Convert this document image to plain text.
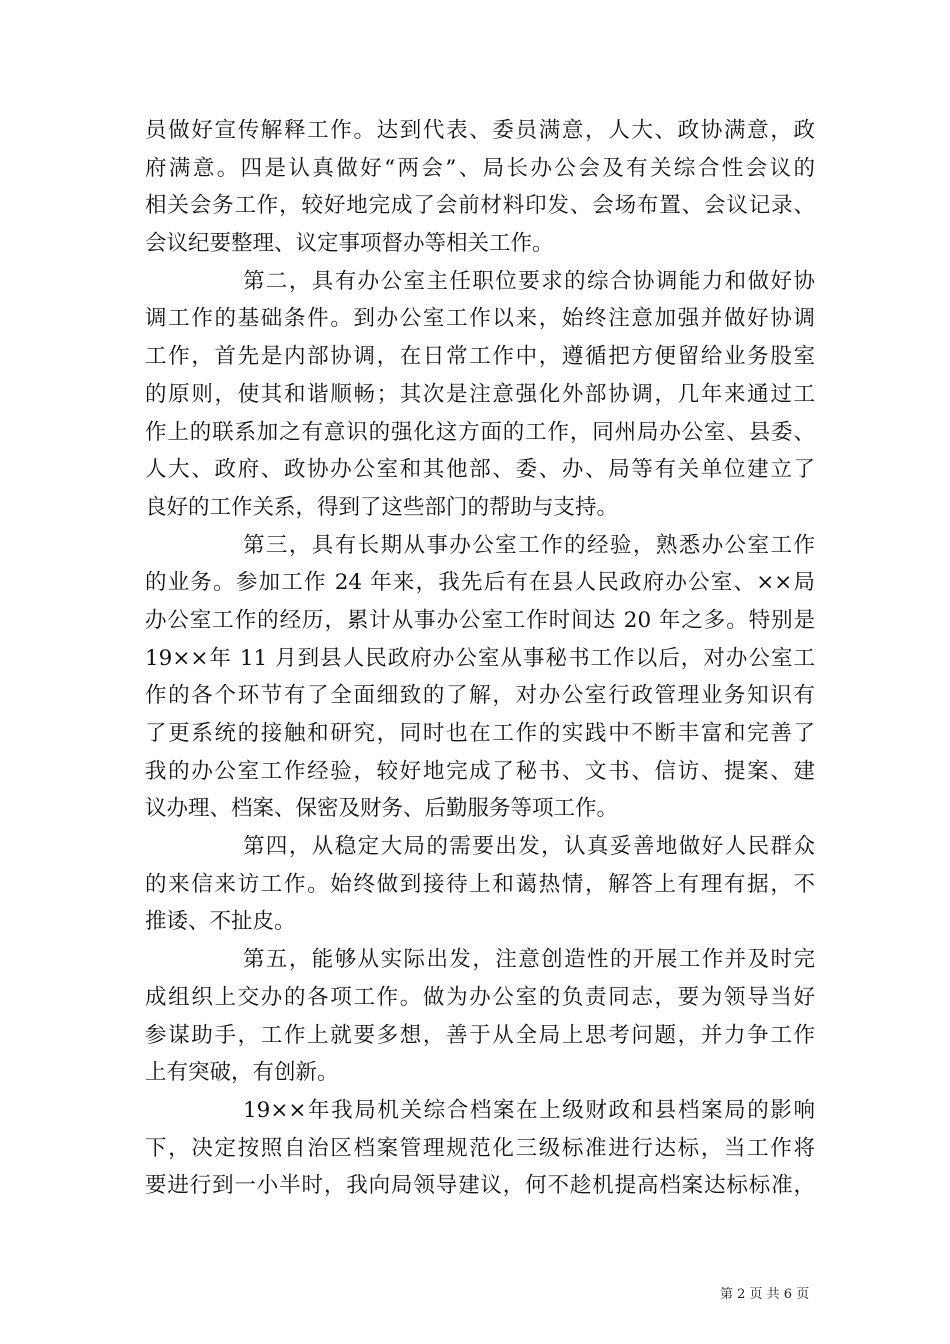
员做好宣传解释工作。达到代表、委员满意，人大、政协满意，政
府满意。四是认真做好“两会”、局长办公会及有关综合性会议的
相关会务工作，较好地完成了会前材料印发、会场布置、会议记录、
会议纪要整理、议定事项督办等相关工作。
第二，具有办公室主任职位要求的综合协调能力和做好协
调工作的基础条件。到办公室工作以来，始终注意加强并做好协调
工作，首先是内部协调，在日常工作中，遵循把方便留给业务股室
的原则，使其和谐顺畅；其次是注意强化外部协调，几年来通过工
作上的联系加之有意识的强化这方面的工作，同州局办公室、县委、
人大、政府、政协办公室和其他部、委、办、局等有关单位建立了
良好的工作关系，得到了这些部门的帮助与支持。
第三，具有长期从事办公室工作的经验，熟悉办公室工作
的业务。参加工作 24 年来，我先后有在县人民政府办公室、××局
办公室工作的经历，累计从事办公室工作时间达 20 年之多。特别是
19××年 11 月到县人民政府办公室从事秘书工作以后，对办公室工
作的各个环节有了全面细致的了解，对办公室行政管理业务知识有
了更系统的接触和研究，同时也在工作的实践中不断丰富和完善了
我的办公室工作经验，较好地完成了秘书、文书、信访、提案、建
议办理、档案、保密及财务、后勤服务等项工作。
第四，从稳定大局的需要出发，认真妥善地做好人民群众
的来信来访工作。始终做到接待上和蔼热情，解答上有理有据，不
推诿、不扯皮。
第五，能够从实际出发，注意创造性的开展工作并及时完
成组织上交办的各项工作。做为办公室的负责同志，要为领导当好
参谋助手，工作上就要多想，善于从全局上思考问题，并力争工作
上有突破，有创新。
19××年我局机关综合档案在上级财政和县档案局的影响
下，决定按照自治区档案管理规范化三级标准进行达标，当工作将
要进行到一小半时，我向局领导建议，何不趁机提高档案达标标准，
第 2 页 共 6 页
